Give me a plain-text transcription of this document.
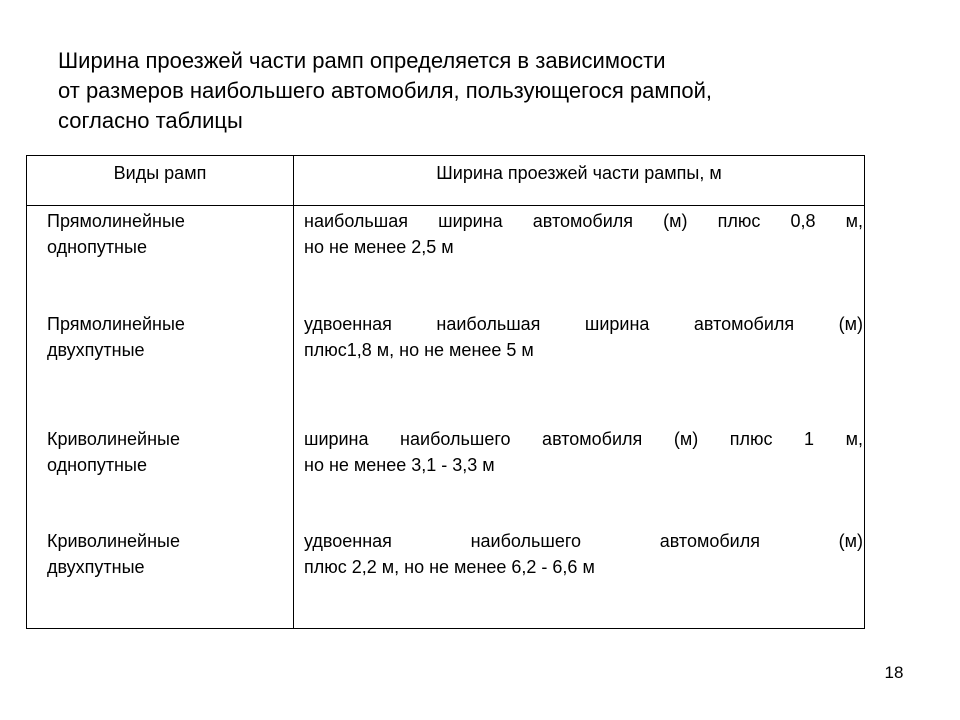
Ширина проезжей части рамп определяется в зависимости
от размеров наибольшего автомобиля, пользующегося рампой,
согласно таблицы
Виды рамп	Ширина проезжей части рампы, м
Прямолинейные
однопутные
наибольшая ширина автомобиля (м) плюс 0,8 м,
но не менее 2,5 м
Прямолинейные
двухпутные
удвоенная наибольшая ширина автомобиля (м)
плюс1,8 м, но не менее 5 м
Криволинейные
однопутные
ширина наибольшего автомобиля (м) плюс 1 м,
но не менее 3,1 - 3,3 м
Криволинейные
двухпутные
удвоенная наибольшего автомобиля (м)
плюс 2,2 м, но не менее 6,2 - 6,6 м
18
